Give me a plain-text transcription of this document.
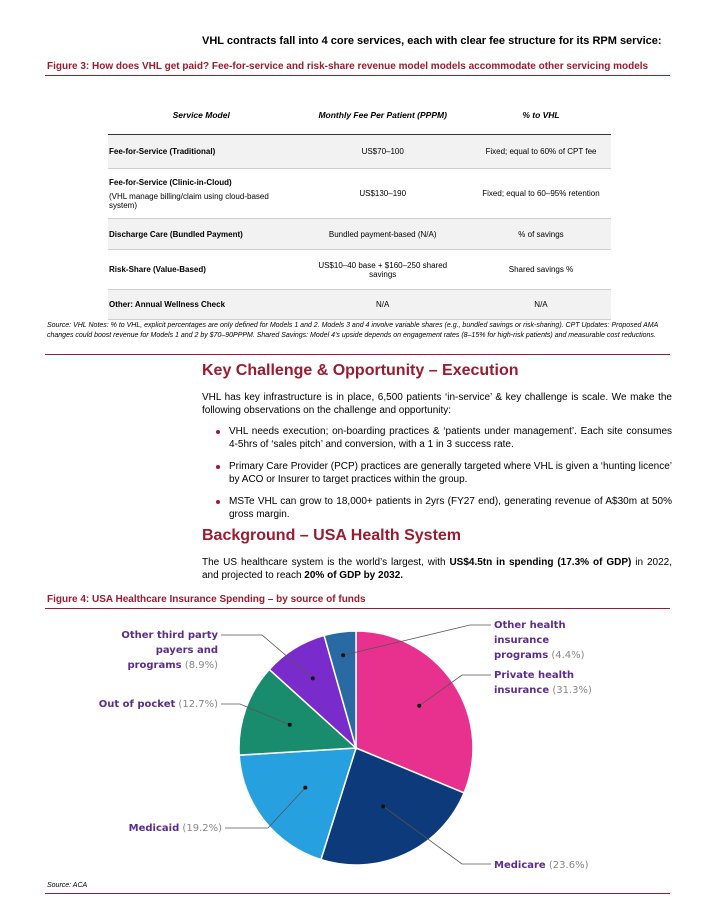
VHL contracts fall into 4 core services, each with clear fee structure for its RPM service:
Figure 3: How does VHL get paid? Fee-for-service and risk-share revenue model models accommodate other servicing models
Service Model	Monthly Fee Per Patient (PPPM)	% to VHL
Fee-for-Service (Traditional)	US$70–100	Fixed; equal to 60% of CPT fee
Fee-for-Service (Clinic-in-Cloud)
(VHL manage billing/claim using cloud-based system)	US$130–190	Fixed; equal to 60–95% retention
Discharge Care (Bundled Payment)	Bundled payment-based (N/A)	% of savings
Risk-Share (Value-Based)	US$10–40 base + $160–250 shared savings	Shared savings %
Other: Annual Wellness Check	N/A	N/A
Source: VHL Notes: % to VHL, explicit percentages are only defined for Models 1 and 2. Models 3 and 4 involve variable shares (e.g., bundled savings or risk-sharing). CPT Updates: Proposed AMA changes could boost revenue for Models 1 and 2 by $70–90PPPM. Shared Savings: Model 4’s upside depends on engagement rates (8–15% for high-risk patients) and measurable cost reductions.
Key Challenge & Opportunity – Execution
VHL has key infrastructure is in place, 6,500 patients ‘in-service’ & key challenge is scale. We make the following observations on the challenge and opportunity:
VHL needs execution; on-boarding practices & ‘patients under management’. Each site consumes 4-5hrs of ‘sales pitch’ and conversion, with a 1 in 3 success rate.
Primary Care Provider (PCP) practices are generally targeted where VHL is given a ‘hunting licence’ by ACO or Insurer to target practices within the group.
MSTe VHL can grow to 18,000+ patients in 2yrs (FY27 end), generating revenue of A$30m at 50% gross margin.
Background – USA Health System
The US healthcare system is the world’s largest, with US$4.5tn in spending (17.3% of GDP) in 2022, and projected to reach 20% of GDP by 2032.
Figure 4: USA Healthcare Insurance Spending – by source of funds
Private health
insurance (31.3%)
Medicare (23.6%)
Medicaid (19.2%)
Out of pocket (12.7%)
Other third party
payers and
programs (8.9%)
Other health
insurance
programs (4.4%)
Source: ACA
